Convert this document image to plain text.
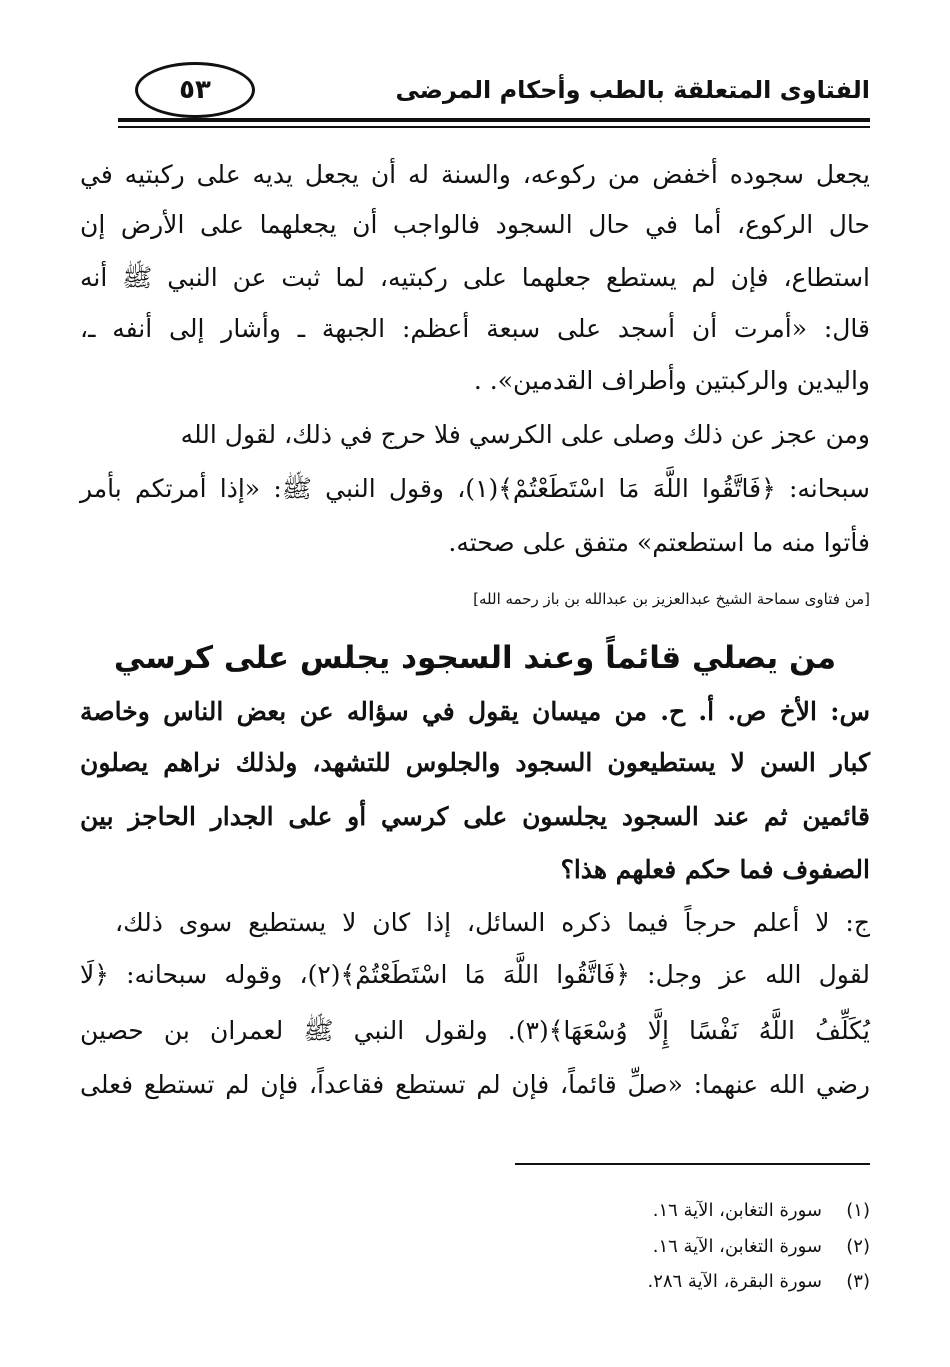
٥٣	الفتاوى المتعلقة بالطب وأحكام المرضى
يجعل سجوده أخفض من ركوعه، والسنة له أن يجعل يديه على ركبتيه في
حال الركوع، أما في حال السجود فالواجب أن يجعلهما على الأرض إن
استطاع، فإن لم يستطع جعلهما على ركبتيه، لما ثبت عن النبي ﷺ أنه
قال: «أمرت أن أسجد على سبعة أعظم: الجبهة ـ وأشار إلى أنفه ـ،
واليدين والركبتين وأطراف القدمين». .
ومن عجز عن ذلك وصلى على الكرسي فلا حرج في ذلك، لقول الله
سبحانه: ﴿فَاتَّقُوا اللَّهَ مَا اسْتَطَعْتُمْ﴾(١)، وقول النبي ﷺ: «إذا أمرتكم بأمر
فأتوا منه ما استطعتم» متفق على صحته.
[من فتاوى سماحة الشيخ عبدالعزيز بن عبدالله بن باز رحمه الله]
من يصلي قائماً وعند السجود يجلس على كرسي
س: الأخ ص. أ. ح. من ميسان يقول في سؤاله عن بعض الناس وخاصة
كبار السن لا يستطيعون السجود والجلوس للتشهد، ولذلك نراهم يصلون
قائمين ثم عند السجود يجلسون على كرسي أو على الجدار الحاجز بين
الصفوف فما حكم فعلهم هذا؟
ج: لا أعلم حرجاً فيما ذكره السائل، إذا كان لا يستطيع سوى ذلك،
لقول الله عز وجل: ﴿فَاتَّقُوا اللَّهَ مَا اسْتَطَعْتُمْ﴾(٢)، وقوله سبحانه: ﴿لَا
يُكَلِّفُ اللَّهُ نَفْسًا إِلَّا وُسْعَهَا﴾(٣). ولقول النبي ﷺ لعمران بن حصين
رضي الله عنهما: «صلِّ قائماً، فإن لم تستطع فقاعداً، فإن لم تستطع فعلى
(١)سورة التغابن، الآية ١٦.
(٢)سورة التغابن، الآية ١٦.
(٣)سورة البقرة، الآية ٢٨٦.
